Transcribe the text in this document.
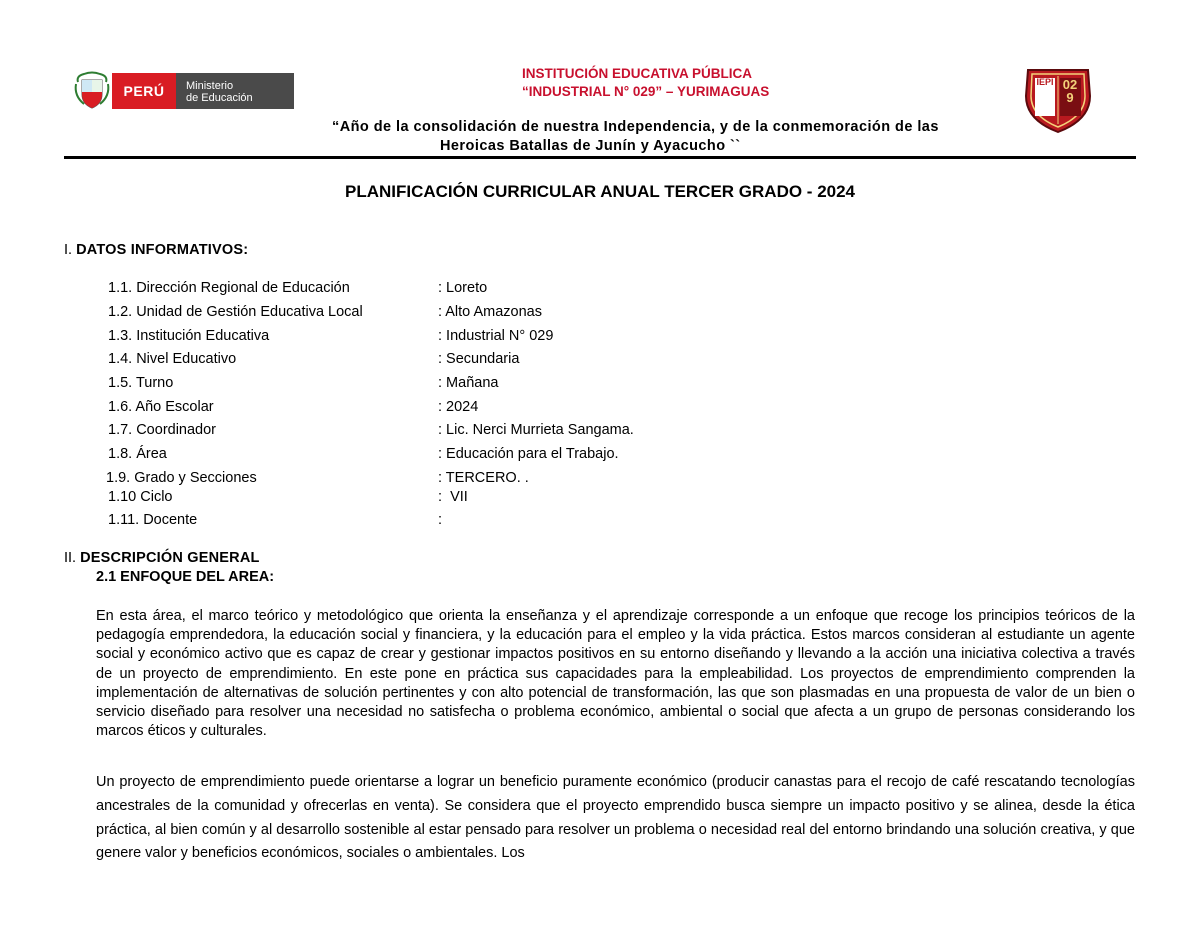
PERÚ	Ministerio
de Educación
INSTITUCIÓN EDUCATIVA PÚBLICA
“INDUSTRIAL N° 029” – YURIMAGUAS
“Año de la consolidación de nuestra Independencia, y de la conmemoración de las
Heroicas Batallas de Junín y Ayacucho ``
IEPI 029
PLANIFICACIÓN CURRICULAR ANUAL TERCER GRADO - 2024
I. DATOS INFORMATIVOS:
1.1. Dirección Regional de Educación	: Loreto
1.2. Unidad de Gestión Educativa Local	: Alto Amazonas
1.3. Institución Educativa	: Industrial N° 029
1.4. Nivel Educativo	: Secundaria
1.5. Turno	: Mañana
1.6. Año Escolar	: 2024
1.7. Coordinador	: Lic. Nerci Murrieta Sangama.
1.8. Área	: Educación para el Trabajo.
1.9. Grado y Secciones	: TERCERO. .
1.10 Ciclo	:  VII
1.11. Docente	:
II. DESCRIPCIÓN GENERAL
2.1 ENFOQUE DEL AREA:

En esta área, el marco teórico y metodológico que orienta la enseñanza y el aprendizaje corresponde a un enfoque que recoge los principios teóricos de la pedagogía emprendedora, la educación social y financiera, y la educación para el empleo y la vida práctica. Estos marcos consideran al estudiante un agente social y económico activo que es capaz de crear y gestionar impactos positivos en su entorno diseñando y llevando a la acción una iniciativa colectiva a través de un proyecto de emprendimiento. En este pone en práctica sus capacidades para la empleabilidad. Los proyectos de emprendimiento comprenden la implementación de alternativas de solución pertinentes y con alto potencial de transformación, las que son plasmadas en una propuesta de valor de un bien o servicio diseñado para resolver una necesidad no satisfecha o problema económico, ambiental o social que afecta a un grupo de personas considerando los marcos éticos y culturales.

Un proyecto de emprendimiento puede orientarse a lograr un beneficio puramente económico (producir canastas para el recojo de café rescatando tecnologías ancestrales de la comunidad y ofrecerlas en venta). Se considera que el proyecto emprendido busca siempre un impacto positivo y se alinea, desde la ética práctica, al bien común y al desarrollo sostenible al estar pensado para resolver un problema o necesidad real del entorno brindando una solución creativa, y que genere valor y beneficios económicos, sociales o ambientales. Los
